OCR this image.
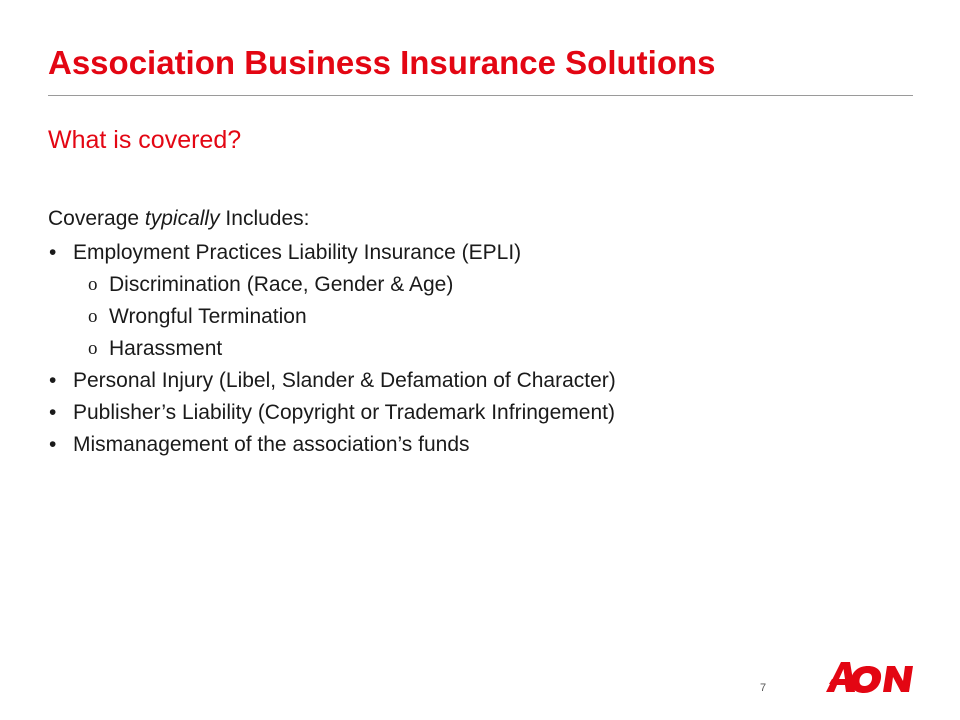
Association Business Insurance Solutions
What is covered?

Coverage typically Includes:

• Employment Practices Liability Insurance (EPLI)
o Discrimination (Race, Gender & Age)
o Wrongful Termination
o Harassment
• Personal Injury (Libel, Slander & Defamation of Character)
• Publisher’s Liability (Copyright or Trademark Infringement)
• Mismanagement of the association’s funds
7
